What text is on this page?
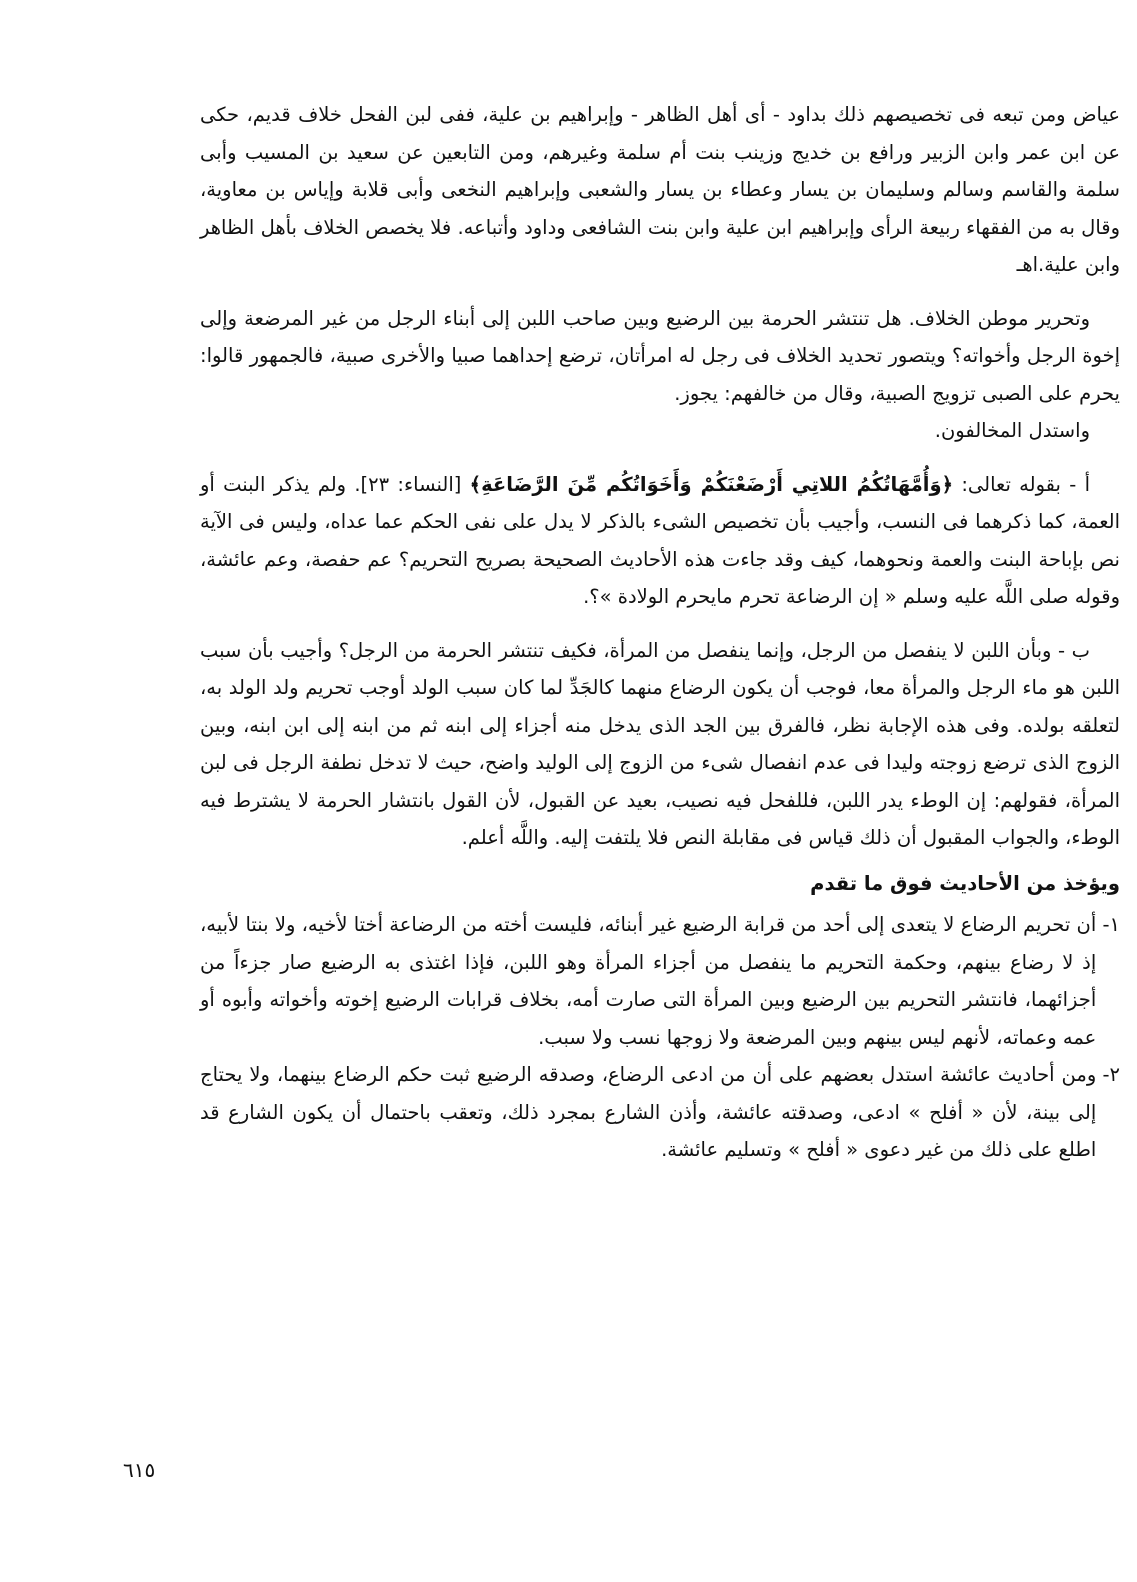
عياض ومن تبعه فى تخصيصهم ذلك بداود - أى أهل الظاهر - وإبراهيم بن علية، ففى لبن الفحل خلاف قديم، حكى عن ابن عمر وابن الزبير ورافع بن خديج وزينب بنت أم سلمة وغيرهم، ومن التابعين عن سعيد بن المسيب وأبى سلمة والقاسم وسالم وسليمان بن يسار وعطاء بن يسار والشعبى وإبراهيم النخعى وأبى قلابة وإياس بن معاوية، وقال به من الفقهاء ربيعة الرأى وإبراهيم ابن علية وابن بنت الشافعى وداود وأتباعه. فلا يخصص الخلاف بأهل الظاهر وابن علية.اهـ

وتحرير موطن الخلاف. هل تنتشر الحرمة بين الرضيع وبين صاحب اللبن إلى أبناء الرجل من غير المرضعة وإلى إخوة الرجل وأخواته؟ ويتصور تحديد الخلاف فى رجل له امرأتان، ترضع إحداهما صبيا والأخرى صبية، فالجمهور قالوا: يحرم على الصبى تزويج الصبية، وقال من خالفهم: يجوز.

واستدل المخالفون.

أ - بقوله تعالى: ﴿وَأُمَّهَاتُكُمُ اللاتِي أَرْضَعْنَكُمْ وَأَخَوَاتُكُم مِّنَ الرَّضَاعَةِ﴾ [النساء: ٢٣]. ولم يذكر البنت أو العمة، كما ذكرهما فى النسب، وأجيب بأن تخصيص الشىء بالذكر لا يدل على نفى الحكم عما عداه، وليس فى الآية نص بإباحة البنت والعمة ونحوهما، كيف وقد جاءت هذه الأحاديث الصحيحة بصريح التحريم؟ عم حفصة، وعم عائشة، وقوله صلى اللَّه عليه وسلم « إن الرضاعة تحرم مايحرم الولادة »؟.

ب - وبأن اللبن لا ينفصل من الرجل، وإنما ينفصل من المرأة، فكيف تنتشر الحرمة من الرجل؟ وأجيب بأن سبب اللبن هو ماء الرجل والمرأة معا، فوجب أن يكون الرضاع منهما كالجَدِّ لما كان سبب الولد أوجب تحريم ولد الولد به، لتعلقه بولده. وفى هذه الإجابة نظر، فالفرق بين الجد الذى يدخل منه أجزاء إلى ابنه ثم من ابنه إلى ابن ابنه، وبين الزوج الذى ترضع زوجته وليدا فى عدم انفصال شىء من الزوج إلى الوليد واضح، حيث لا تدخل نطفة الرجل فى لبن المرأة، فقولهم: إن الوطء يدر اللبن، فللفحل فيه نصيب، بعيد عن القبول، لأن القول بانتشار الحرمة لا يشترط فيه الوطء، والجواب المقبول أن ذلك قياس فى مقابلة النص فلا يلتفت إليه. واللَّه أعلم.

ويؤخذ من الأحاديث فوق ما تقدم
١-
أن تحريم الرضاع لا يتعدى إلى أحد من قرابة الرضيع غير أبنائه، فليست أخته من الرضاعة أختا لأخيه، ولا بنتا لأبيه، إذ لا رضاع بينهم، وحكمة التحريم ما ينفصل من أجزاء المرأة وهو اللبن، فإذا اغتذى به الرضيع صار جزءاً من أجزائهما، فانتشر التحريم بين الرضيع وبين المرأة التى صارت أمه، بخلاف قرابات الرضيع إخوته وأخواته وأبوه أو عمه وعماته، لأنهم ليس بينهم وبين المرضعة ولا زوجها نسب ولا سبب.
٢-
ومن أحاديث عائشة استدل بعضهم على أن من ادعى الرضاع، وصدقه الرضيع ثبت حكم الرضاع بينهما، ولا يحتاج إلى بينة، لأن « أفلح » ادعى، وصدقته عائشة، وأذن الشارع بمجرد ذلك، وتعقب باحتمال أن يكون الشارع قد اطلع على ذلك من غير دعوى « أفلح » وتسليم عائشة.
٦١٥
